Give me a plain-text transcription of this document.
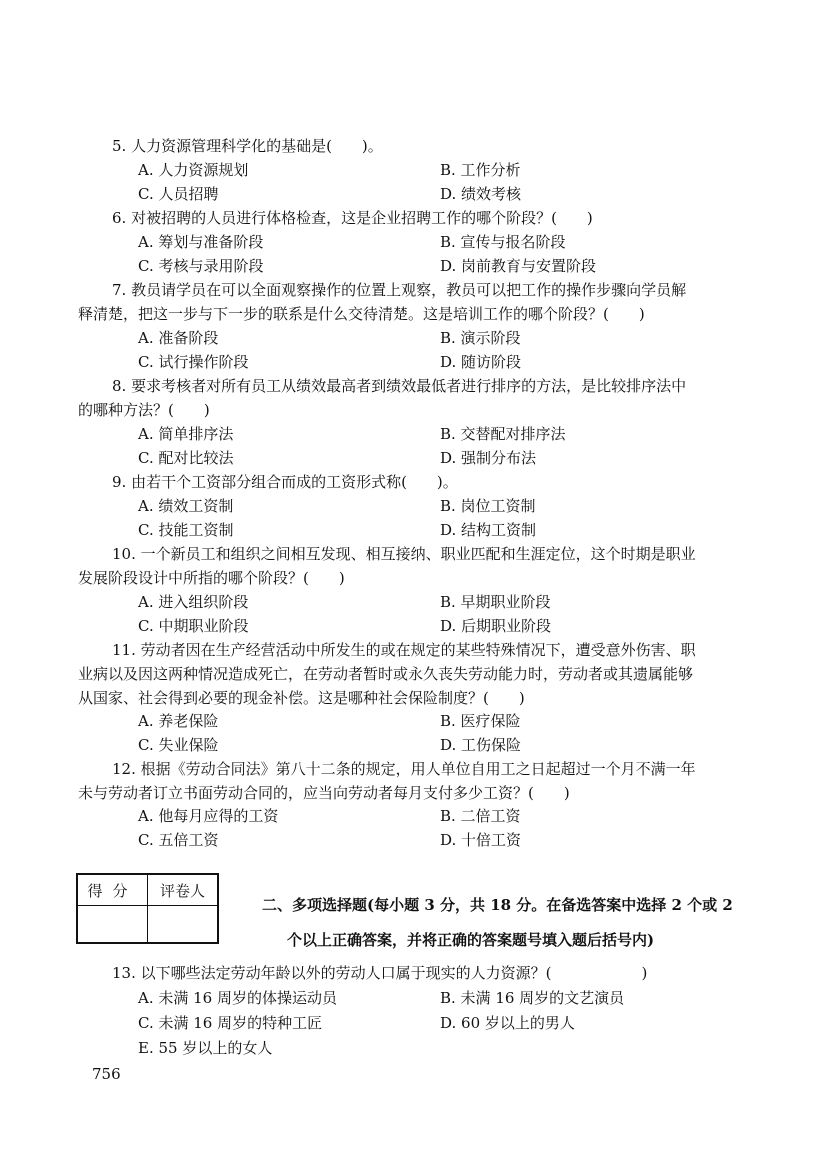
5. 人力资源管理科学化的基础是(　　)。
A. 人力资源规划	B. 工作分析
C. 人员招聘	D. 绩效考核
6. 对被招聘的人员进行体格检查，这是企业招聘工作的哪个阶段？(　　)
A. 筹划与准备阶段	B. 宣传与报名阶段
C. 考核与录用阶段	D. 岗前教育与安置阶段
7. 教员请学员在可以全面观察操作的位置上观察，教员可以把工作的操作步骤向学员解
释清楚，把这一步与下一步的联系是什么交待清楚。这是培训工作的哪个阶段？(　　)
A. 准备阶段	B. 演示阶段
C. 试行操作阶段	D. 随访阶段
8. 要求考核者对所有员工从绩效最高者到绩效最低者进行排序的方法，是比较排序法中
的哪种方法？(　　)
A. 简单排序法	B. 交替配对排序法
C. 配对比较法	D. 强制分布法
9. 由若干个工资部分组合而成的工资形式称(　　)。
A. 绩效工资制	B. 岗位工资制
C. 技能工资制	D. 结构工资制
10. 一个新员工和组织之间相互发现、相互接纳、职业匹配和生涯定位，这个时期是职业
发展阶段设计中所指的哪个阶段？(　　)
A. 进入组织阶段	B. 早期职业阶段
C. 中期职业阶段	D. 后期职业阶段
11. 劳动者因在生产经营活动中所发生的或在规定的某些特殊情况下，遭受意外伤害、职
业病以及因这两种情况造成死亡，在劳动者暂时或永久丧失劳动能力时，劳动者或其遗属能够
从国家、社会得到必要的现金补偿。这是哪种社会保险制度？(　　)
A. 养老保险	B. 医疗保险
C. 失业保险	D. 工伤保险
12. 根据《劳动合同法》第八十二条的规定，用人单位自用工之日起超过一个月不满一年
未与劳动者订立书面劳动合同的，应当向劳动者每月支付多少工资？(　　)
A. 他每月应得的工资	B. 二倍工资
C. 五倍工资	D. 十倍工资
得分	评卷人

二、多项选择题(每小题 3 分，共 18 分。在备选答案中选择 2 个或 2
个以上正确答案，并将正确的答案题号填入题后括号内)
13. 以下哪些法定劳动年龄以外的劳动人口属于现实的人力资源？(　　　　　　)
A. 未满 16 周岁的体操运动员	B. 未满 16 周岁的文艺演员
C. 未满 16 周岁的特种工匠	D. 60 岁以上的男人
E. 55 岁以上的女人
756
